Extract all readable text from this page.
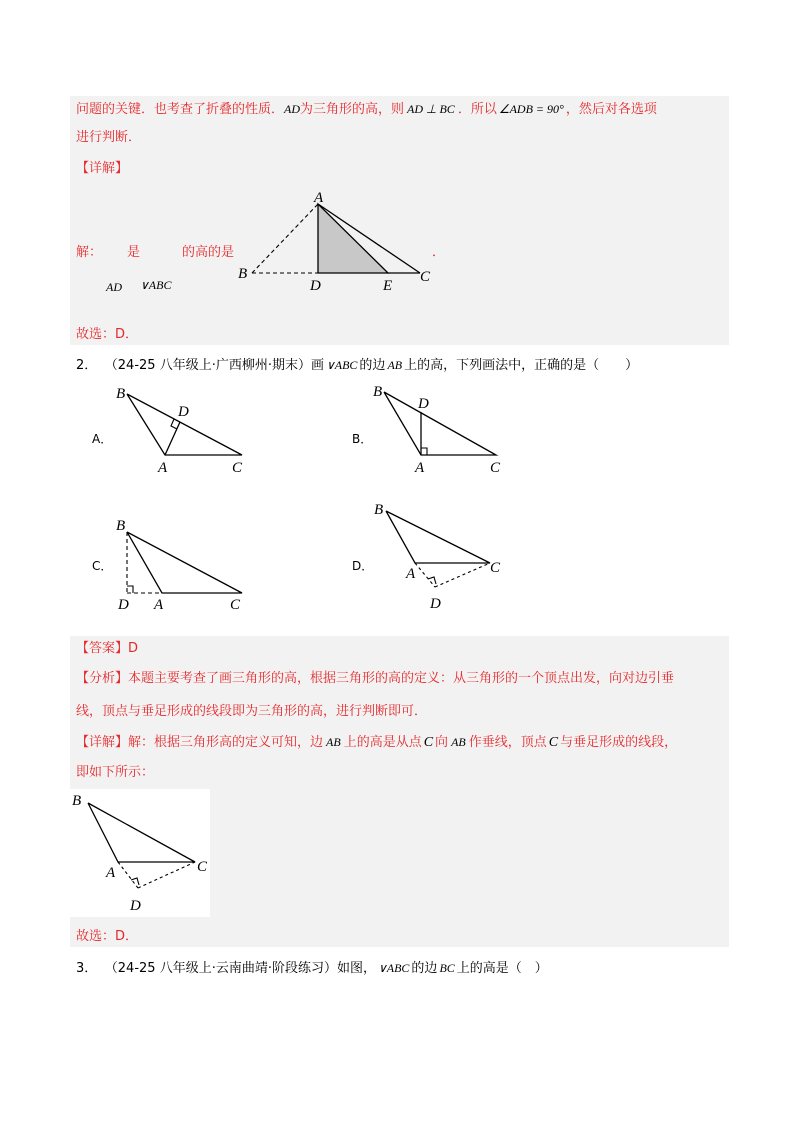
问题的关键．也考查了折叠的性质．AD为三角形的高，则 AD ⊥ BC ．所以 ∠ADB = 90° ，然后对各选项
进行判断．
【详解】
解： 是	的高的是	．
AD ∨ABC
故选：D．
A
B
D	E
C
2． （24-25 八年级上·广西柳州·期末）画 ∨ABC 的边 AB 上的高，下列画法中，正确的是（　　）
A．
B
D
A	C
B．
B
D
A	C
C．
B
D A	C
D．
B
A	C
D
【答案】D
【分析】本题主要考查了画三角形的高，根据三角形的高的定义：从三角形的一个顶点出发，向对边引垂
线，顶点与垂足形成的线段即为三角形的高，进行判断即可．
【详解】解：根据三角形高的定义可知，边 AB 上的高是从点 C 向 AB 作垂线，顶点 C 与垂足形成的线段，
即如下所示：
B
A	C
D
故选：D．
3． （24-25 八年级上·云南曲靖·阶段练习）如图， ∨ABC 的边 BC 上的高是（　）
